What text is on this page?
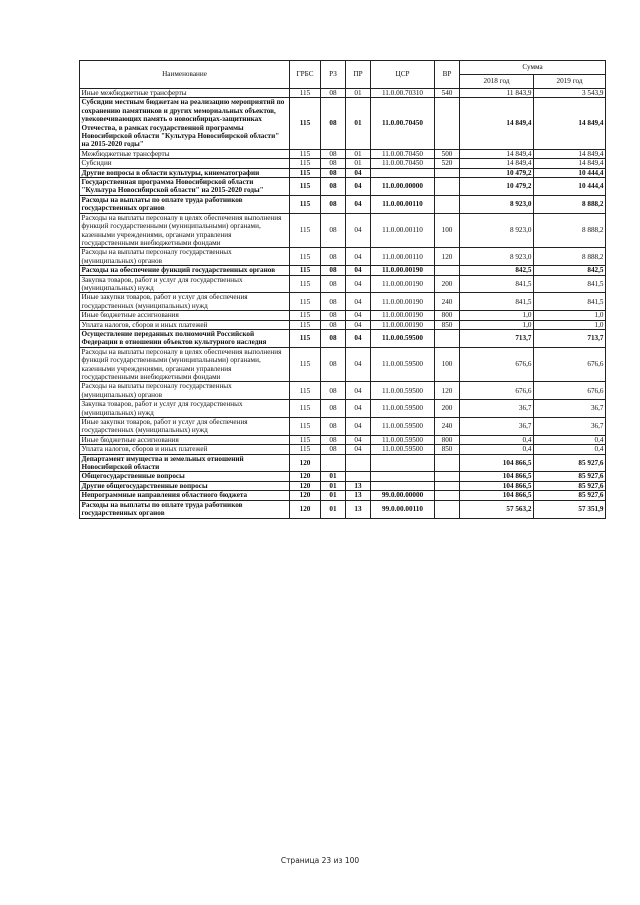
Наименование	ГРБС	РЗ	ПР	ЦСР	ВР	Сумма	
						2018 год	2019 год
Иные межбюджетные трансферты	115	08	01	11.0.00.70310	540	11 843,9	3 543,9
Субсидии местным бюджетам на реализацию мероприятий по сохранению памятников и других мемориальных объектов, увековечивающих память о новосибирцах-защитниках Отечества, в рамках государственной программы Новосибирской области "Культура Новосибирской области" на 2015-2020 годы"	115	08	01	11.0.00.70450		14 849,4	14 849,4
Межбюджетные трансферты	115	08	01	11.0.00.70450	500	14 849,4	14 849,4
Субсидии	115	08	01	11.0.00.70450	520	14 849,4	14 849,4
Другие вопросы в области культуры, кинематографии	115	08	04			10 479,2	10 444,4
Государственная программа Новосибирской области "Культура Новосибирской области" на 2015-2020 годы"	115	08	04	11.0.00.00000		10 479,2	10 444,4
Расходы на выплаты по оплате труда работников государственных органов	115	08	04	11.0.00.00110		8 923,0	8 888,2
Расходы на выплаты персоналу в целях обеспечения выполнения функций государственными (муниципальными) органами, казенными учреждениями, органами управления государственными внебюджетными фондами	115	08	04	11.0.00.00110	100	8 923,0	8 888,2
Расходы на выплаты персоналу государственных (муниципальных) органов	115	08	04	11.0.00.00110	120	8 923,0	8 888,2
Расходы на обеспечение функций государственных органов	115	08	04	11.0.00.00190		842,5	842,5
Закупка товаров, работ и услуг для государственных (муниципальных) нужд	115	08	04	11.0.00.00190	200	841,5	841,5
Иные закупки товаров, работ и услуг для обеспечения государственных (муниципальных) нужд	115	08	04	11.0.00.00190	240	841,5	841,5
Иные бюджетные ассигнования	115	08	04	11.0.00.00190	800	1,0	1,0
Уплата налогов, сборов и иных платежей	115	08	04	11.0.00.00190	850	1,0	1,0
Осуществление переданных полномочий Российской Федерации в отношении объектов культурного наследия	115	08	04	11.0.00.59500		713,7	713,7
Расходы на выплаты персоналу в целях обеспечения выполнения функций государственными (муниципальными) органами, казенными учреждениями, органами управления государственными внебюджетными фондами	115	08	04	11.0.00.59500	100	676,6	676,6
Расходы на выплаты персоналу государственных (муниципальных) органов	115	08	04	11.0.00.59500	120	676,6	676,6
Закупка товаров, работ и услуг для государственных (муниципальных) нужд	115	08	04	11.0.00.59500	200	36,7	36,7
Иные закупки товаров, работ и услуг для обеспечения государственных (муниципальных) нужд	115	08	04	11.0.00.59500	240	36,7	36,7
Иные бюджетные ассигнования	115	08	04	11.0.00.59500	800	0,4	0,4
Уплата налогов, сборов и иных платежей	115	08	04	11.0.00.59500	850	0,4	0,4
Департамент имущества и земельных отношений Новосибирской области	120					104 866,5	85 927,6
Общегосударственные вопросы	120	01				104 866,5	85 927,6
Другие общегосударственные вопросы	120	01	13			104 866,5	85 927,6
Непрограммные направления областного бюджета	120	01	13	99.0.00.00000		104 866,5	85 927,6
Расходы на выплаты по оплате труда работников государственных органов	120	01	13	99.0.00.00110		57 563,2	57 351,9
Страница 23 из 100
